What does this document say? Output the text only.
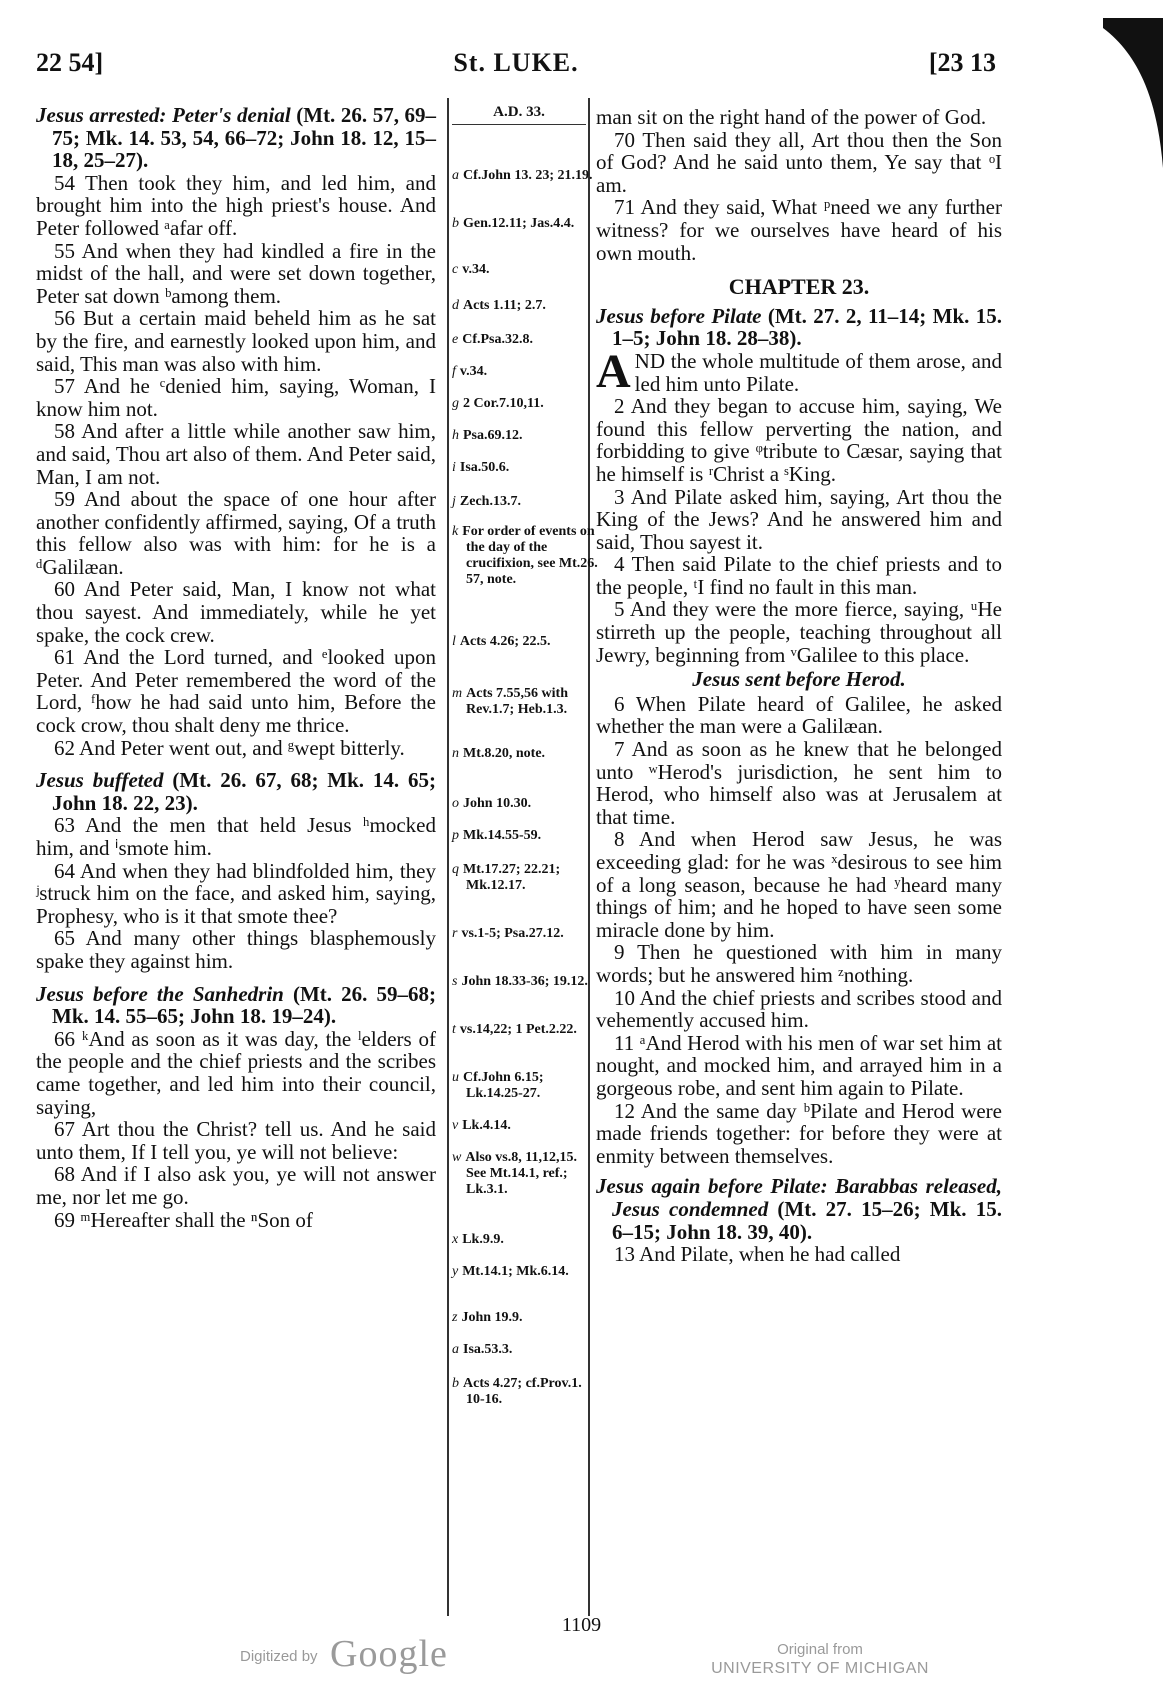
22 54]	St. LUKE.	[23 13

Jesus arrested: Peter's denial (Mt. 26. 57, 69–75; Mk. 14. 53, 54, 66–72; John 18. 12, 15–18, 25–27).

54 Then took they him, and led him, and brought him into the high priest's house. And Peter followed ᵃafar off.

55 And when they had kindled a fire in the midst of the hall, and were set down together, Peter sat down ᵇamong them.

56 But a certain maid beheld him as he sat by the fire, and earnestly looked upon him, and said, This man was also with him.

57 And he ᶜdenied him, saying, Woman, I know him not.

58 And after a little while another saw him, and said, Thou art also of them. And Peter said, Man, I am not.

59 And about the space of one hour after another confidently affirmed, saying, Of a truth this fellow also was with him: for he is a ᵈGalilæan.

60 And Peter said, Man, I know not what thou sayest. And immediately, while he yet spake, the cock crew.

61 And the Lord turned, and ᵉlooked upon Peter. And Peter remembered the word of the Lord, ᶠhow he had said unto him, Before the cock crow, thou shalt deny me thrice.

62 And Peter went out, and ᵍwept bitterly.

Jesus buffeted (Mt. 26. 67, 68; Mk. 14. 65; John 18. 22, 23).

63 And the men that held Jesus ʰmocked him, and ⁱsmote him.

64 And when they had blindfolded him, they ʲstruck him on the face, and asked him, saying, Prophesy, who is it that smote thee?

65 And many other things blasphemously spake they against him.

Jesus before the Sanhedrin (Mt. 26. 59–68; Mk. 14. 55–65; John 18. 19–24).

66 ᵏAnd as soon as it was day, the ˡelders of the people and the chief priests and the scribes came together, and led him into their council, saying,

67 Art thou the Christ? tell us. And he said unto them, If I tell you, ye will not believe:

68 And if I also ask you, ye will not answer me, nor let me go.

69 ᵐHereafter shall the ⁿSon of

A.D. 33.
a Cf.John 13. 23; 21.19.
b Gen.12.11; Jas.4.4.
c v.34.
d Acts 1.11; 2.7.
e Cf.Psa.32.8.
f v.34.
g 2 Cor.7.10,11.
h Psa.69.12.
i Isa.50.6.
j Zech.13.7.
k For order of events on the day of the crucifixion, see Mt.26. 57, note.
l Acts 4.26; 22.5.
m Acts 7.55,56 with Rev.1.7; Heb.1.3.
n Mt.8.20, note.
o John 10.30.
p Mk.14.55-59.
q Mt.17.27; 22.21; Mk.12.17.
r vs.1-5; Psa.27.12.
s John 18.33-36; 19.12.
t vs.14,22; 1 Pet.2.22.
u Cf.John 6.15; Lk.14.25-27.
v Lk.4.14.
w Also vs.8, 11,12,15. See Mt.14.1, ref.; Lk.3.1.
x Lk.9.9.
y Mt.14.1; Mk.6.14.
z John 19.9.
a Isa.53.3.
b Acts 4.27; cf.Prov.1. 10-16.

man sit on the right hand of the power of God.

70 Then said they all, Art thou then the Son of God? And he said unto them, Ye say that ᵒI am.

71 And they said, What ᵖneed we any further witness? for we ourselves have heard of his own mouth.

CHAPTER 23.

Jesus before Pilate (Mt. 27. 2, 11–14; Mk. 15. 1–5; John 18. 28–38).

AND the whole multitude of them arose, and led him unto Pilate.

2 And they began to accuse him, saying, We found this fellow perverting the nation, and forbidding to give ᵠtribute to Cæsar, saying that he himself is ʳChrist a ˢKing.

3 And Pilate asked him, saying, Art thou the King of the Jews? And he answered him and said, Thou sayest it.

4 Then said Pilate to the chief priests and to the people, ᵗI find no fault in this man.

5 And they were the more fierce, saying, ᵘHe stirreth up the people, teaching throughout all Jewry, beginning from ᵛGalilee to this place.

Jesus sent before Herod.

6 When Pilate heard of Galilee, he asked whether the man were a Galilæan.

7 And as soon as he knew that he belonged unto ʷHerod's jurisdiction, he sent him to Herod, who himself also was at Jerusalem at that time.

8 And when Herod saw Jesus, he was exceeding glad: for he was ˣdesirous to see him of a long season, because he had ʸheard many things of him; and he hoped to have seen some miracle done by him.

9 Then he questioned with him in many words; but he answered him ᶻnothing.

10 And the chief priests and scribes stood and vehemently accused him.

11 ᵃAnd Herod with his men of war set him at nought, and mocked him, and arrayed him in a gorgeous robe, and sent him again to Pilate.

12 And the same day ᵇPilate and Herod were made friends together: for before they were at enmity between themselves.

Jesus again before Pilate: Barabbas released, Jesus condemned (Mt. 27. 15–26; Mk. 15. 6–15; John 18. 39, 40).

13 And Pilate, when he had called

1109
Digitized by Google	Original from
UNIVERSITY OF MICHIGAN
